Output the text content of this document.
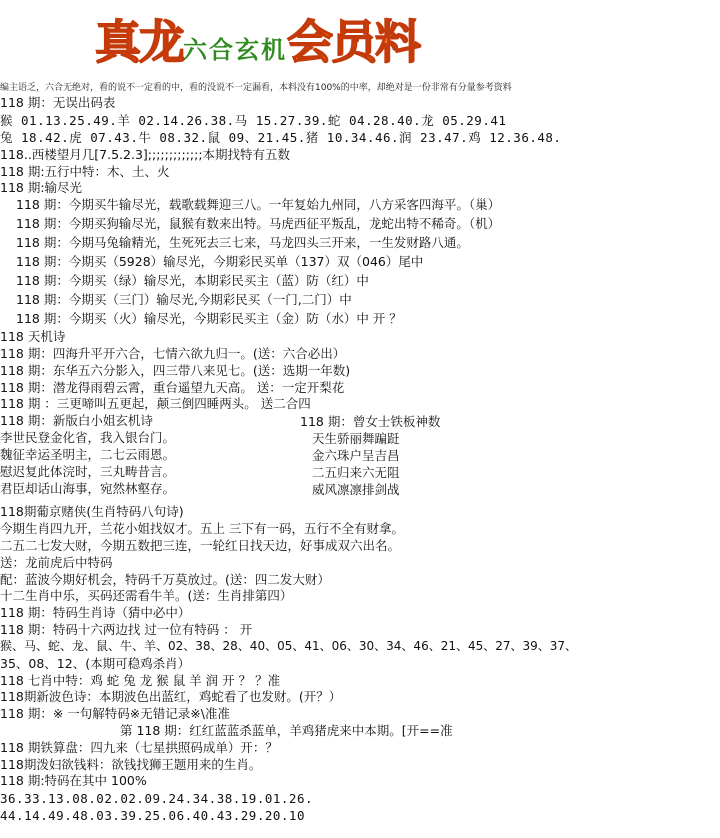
真龙六合玄机会员料
编主语乏，六合无绝对，看的说不一定看的中，看的没说不一定漏看，本料没有100%的中率，却绝对是一份非常有分量参考资料
118 期：无误出码表
猴 01.13.25.49.羊 02.14.26.38.马 15.27.39.蛇 04.28.40.龙 05.29.41
兔 18.42.虎 07.43.牛 08.32.鼠 09、21.45.猪 10.34.46.润 23.47.鸡 12.36.48.
118..西楼望月几[7.5.2.3];;;;;;;;;;;;;本期找特有五数
118 期:五行中特：木、土、火
118 期:输尽光
118 期：今期买牛输尽光，载歌载舞迎三八。一年复始九州同，八方采客四海平。（巢）
118 期：今期买狗输尽光，鼠猴有数来出特。马虎西征平叛乱，龙蛇出特不稀奇。（机）
118 期：今期马兔输精光，生死死去三七来，马龙四头三开来，一生发财路八通。
118 期：今期买（5928）输尽光，今期彩民买单（137）双（046）尾中
118 期：今期买（绿）输尽光，本期彩民买主（蓝）防（红）中
118 期：今期买（三门）输尽光,今期彩民买（一门,二门）中
118 期：今期买（火）输尽光，今期彩民买主（金）防（水）中 开 ？
118 天机诗
118 期：四海升平开六合，七情六欲九归一。(送：六合必出）
118 期：东华五六分影入，四三带八来见七。(送：选期一年数)
118 期：潜龙得雨碧云霄，重台遥望九天高。 送：一定开梨花
118 期 ：三更啼叫五更起，颠三倒四睡两头。 送二合四
118 期：新版白小姐玄机诗	118 期：曾女士铁板神数
李世民登金化省，我入银台门。
魏征幸运圣明主，二七云雨恩。
慰迟复此体浣时，三丸畴昔言。
君臣却话山海事，宛然林壑存。
天生骄丽舞蹁跹
金六珠户呈吉昌
二五归来六无阻
威风凛凛排剑战
118期葡京赌侠(生肖特码八句诗)
今期生肖四九开，兰花小姐找奴才。五上 三下有一码，五行不全有财拿。
二五二七发大财，今期五数把三连，一轮红日找天边，好事成双六出名。
送：龙前虎后中特码
配：蓝波今期好机会，特码千万莫放过。(送：四二发大财）
十二生肖中乐，买码还需看牛羊。(送：生肖排第四）
118 期：特码生肖诗（猜中必中）
118 期：特码十六两边找 过一位有特码 ： 开
猴、马、蛇、龙、鼠、牛、羊、02、38、28、40、05、41、06、30、34、46、21、45、27、39、37、
35、08、12、(本期可稳鸡杀肖）
118 七肖中特：鸡 蛇 兔 龙 猴 鼠 羊 润 开 ？ ？准
118期新波色诗：本期波色出蓝红，鸡蛇看了也发财。(开？）
118 期：※ 一句解特码※无错记录※\准准
第 118 期：红红蓝蓝杀蓝单，羊鸡猪虎来中本期。[开==准
118 期铁算盘：四九来（七星拱照码成单）开：？
118期泼妇欲钱料：欲钱找狮王题用来的生肖。
118 期:特码在其中 100%
36.33.13.08.02.02.09.24.34.38.19.01.26.
44.14.49.48.03.39.25.06.40.43.29.20.10
